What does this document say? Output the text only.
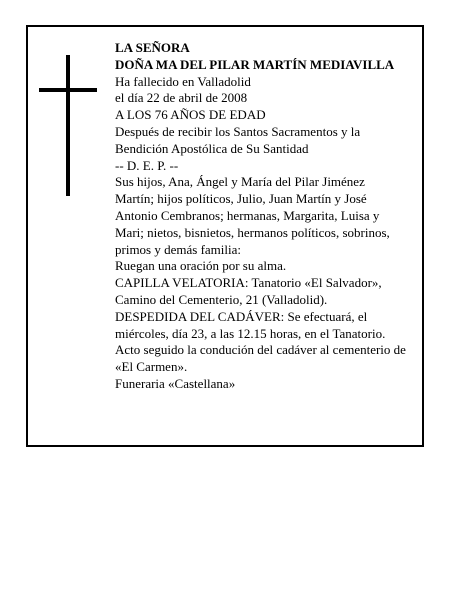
LA SEÑORA
DOÑA MA DEL PILAR MARTÍN MEDIAVILLA
Ha fallecido en Valladolid
el día 22 de abril de 2008
A LOS 76 AÑOS DE EDAD
Después de recibir los Santos Sacramentos y la
Bendición Apostólica de Su Santidad
-- D. E. P. --
Sus hijos, Ana, Ángel y María del Pilar Jiménez
Martín; hijos políticos, Julio, Juan Martín y José
Antonio Cembranos; hermanas, Margarita, Luisa y
Mari; nietos, bisnietos, hermanos políticos, sobrinos,
primos y demás familia:
Ruegan una oración por su alma.
CAPILLA VELATORIA: Tanatorio «El Salvador»,
Camino del Cementerio, 21 (Valladolid).
DESPEDIDA DEL CADÁVER: Se efectuará, el
miércoles, día 23, a las 12.15 horas, en el Tanatorio.
Acto seguido la condución del cadáver al cementerio de
«El Carmen».
Funeraria «Castellana»
